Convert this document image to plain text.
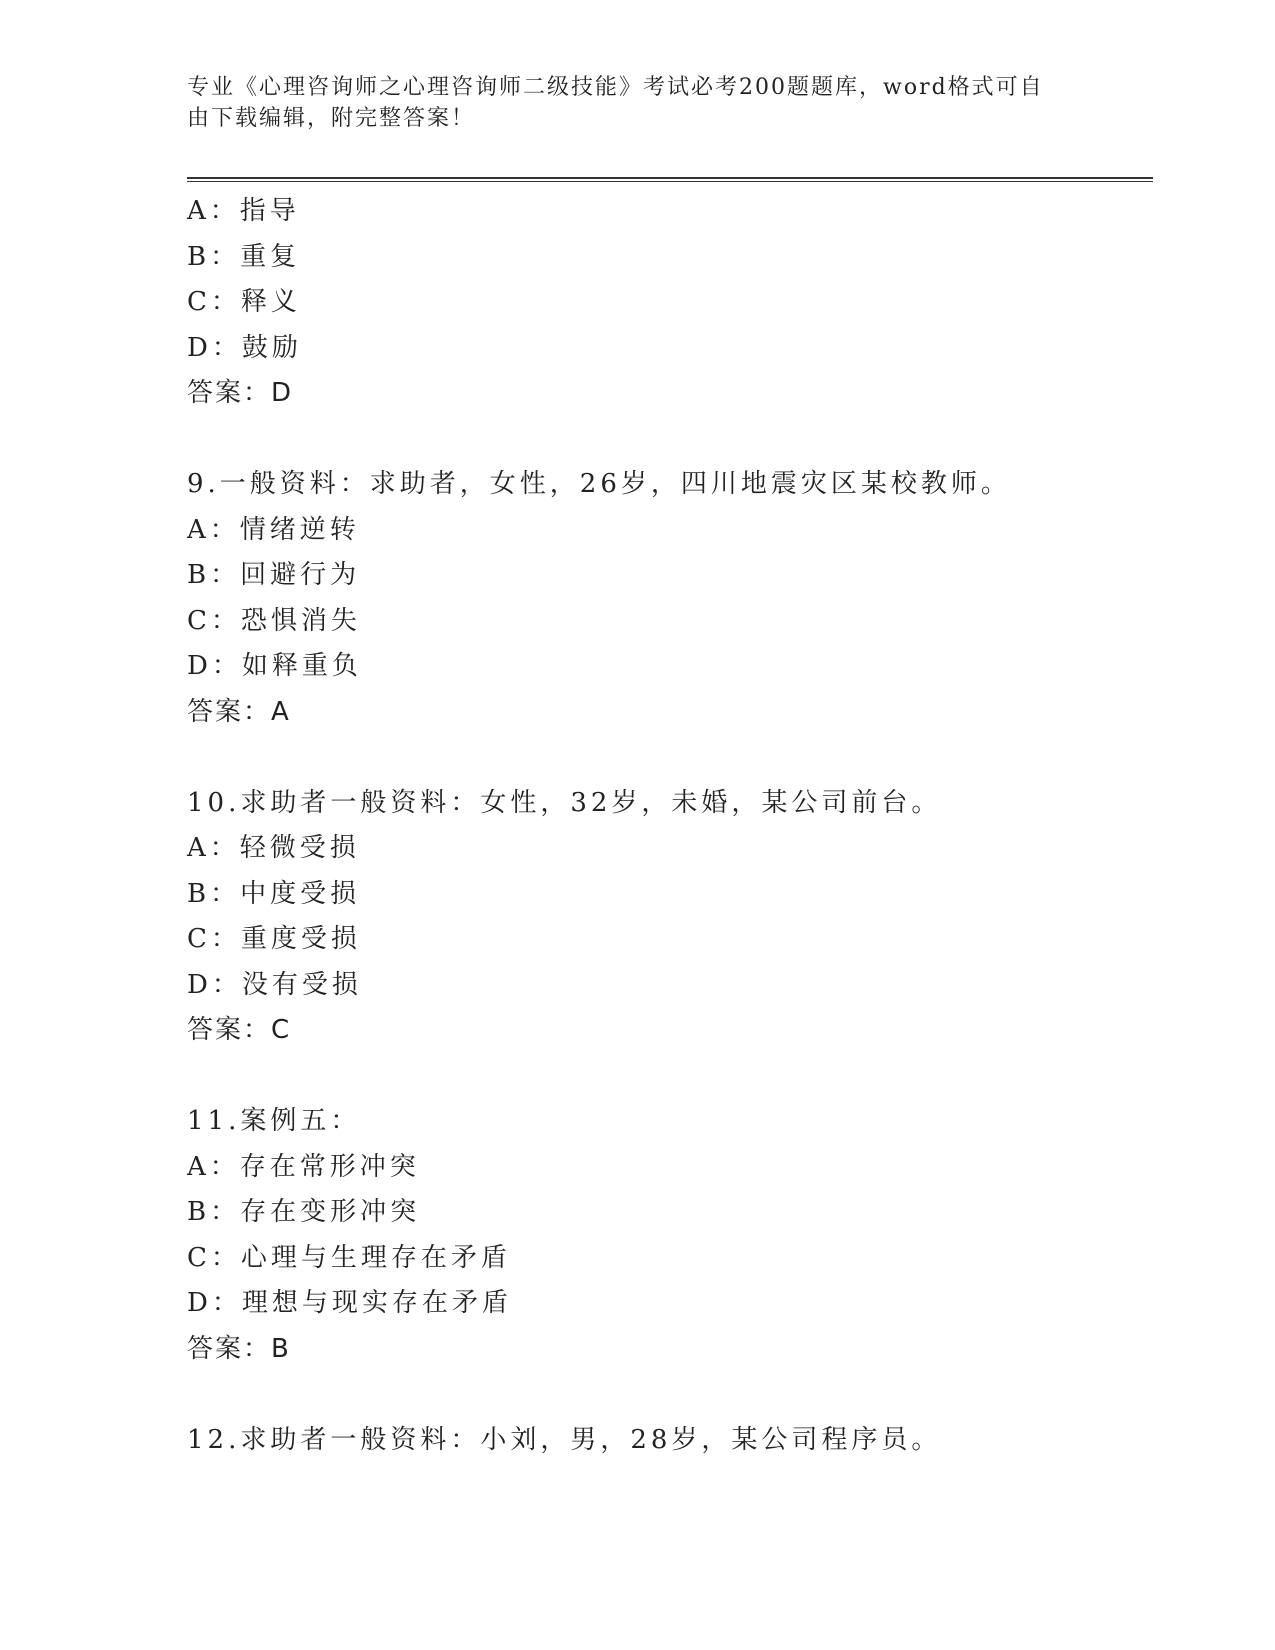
专业《心理咨询师之心理咨询师二级技能》考试必考200题题库，word格式可自
由下载编辑，附完整答案！
A：指导
B：重复
C：释义
D：鼓励
答案：D
9.一般资料：求助者，女性，26岁，四川地震灾区某校教师。
A：情绪逆转
B：回避行为
C：恐惧消失
D：如释重负
答案：A
10.求助者一般资料：女性，32岁，未婚，某公司前台。
A：轻微受损
B：中度受损
C：重度受损
D：没有受损
答案：C
11.案例五：
A：存在常形冲突
B：存在变形冲突
C：心理与生理存在矛盾
D：理想与现实存在矛盾
答案：B
12.求助者一般资料：小刘，男，28岁，某公司程序员。
